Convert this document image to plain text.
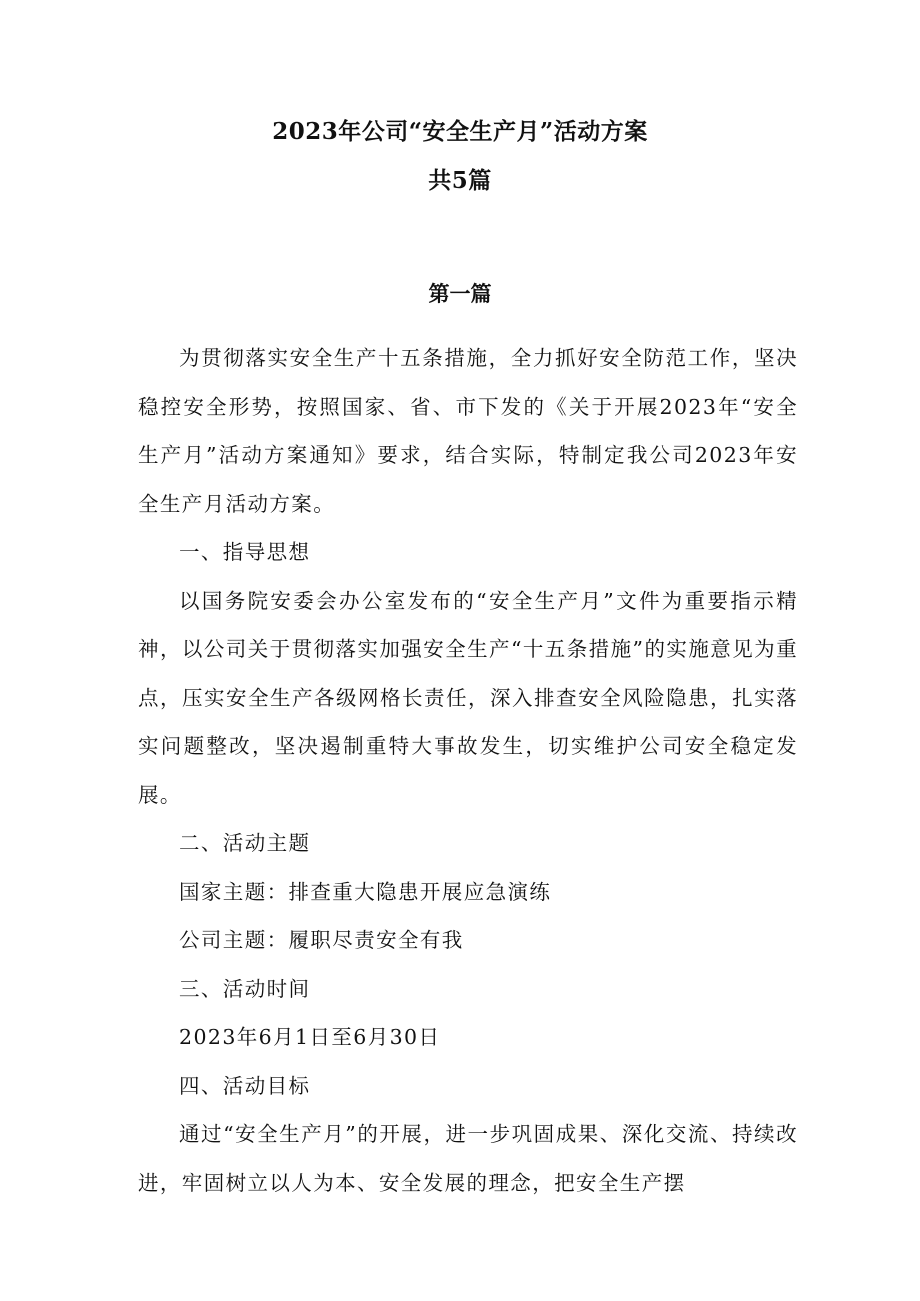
2023年公司“安全生产月”活动方案
共5篇
第一篇

为贯彻落实安全生产十五条措施，全力抓好安全防范工作，坚决稳控安全形势，按照国家、省、市下发的《关于开展2023年“安全生产月”活动方案通知》要求，结合实际，特制定我公司2023年安全生产月活动方案。

一、指导思想

以国务院安委会办公室发布的“安全生产月”文件为重要指示精神，以公司关于贯彻落实加强安全生产“十五条措施”的实施意见为重点，压实安全生产各级网格长责任，深入排查安全风险隐患，扎实落实问题整改，坚决遏制重特大事故发生，切实维护公司安全稳定发展。

二、活动主题

国家主题：排查重大隐患开展应急演练

公司主题：履职尽责安全有我

三、活动时间

2023年6月1日至6月30日

四、活动目标

通过“安全生产月”的开展，进一步巩固成果、深化交流、持续改进，牢固树立以人为本、安全发展的理念，把安全生产摆
